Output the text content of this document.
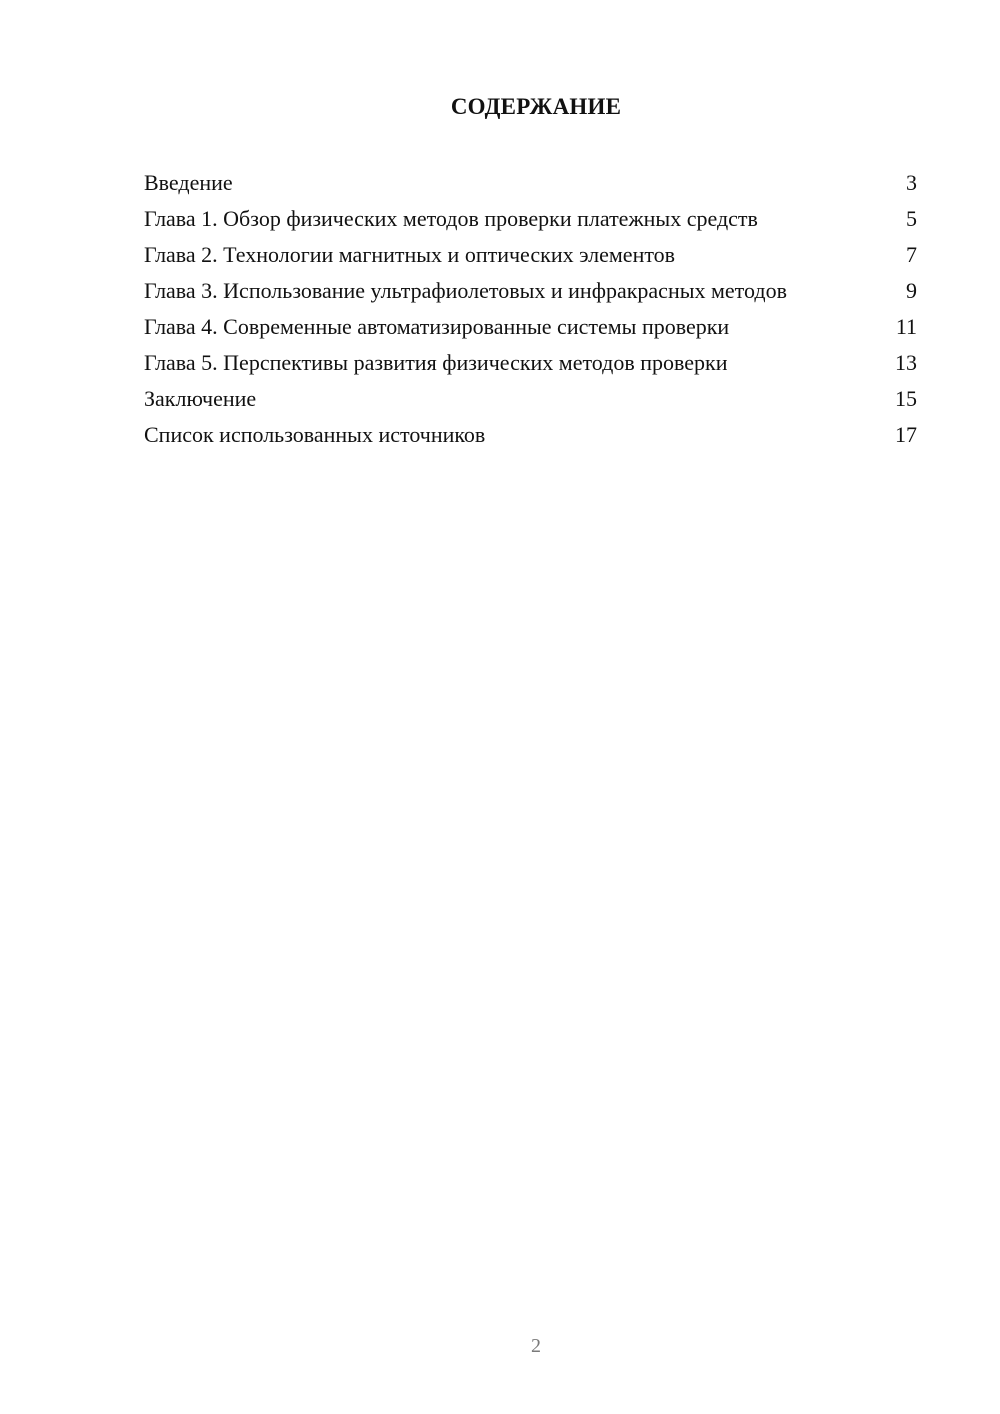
СОДЕРЖАНИЕ
Введение	3
Глава 1. Обзор физических методов проверки платежных средств	5
Глава 2. Технологии магнитных и оптических элементов	7
Глава 3. Использование ультрафиолетовых и инфракрасных методов	9
Глава 4. Современные автоматизированные системы проверки	11
Глава 5. Перспективы развития физических методов проверки	13
Заключение	15
Список использованных источников	17
2
